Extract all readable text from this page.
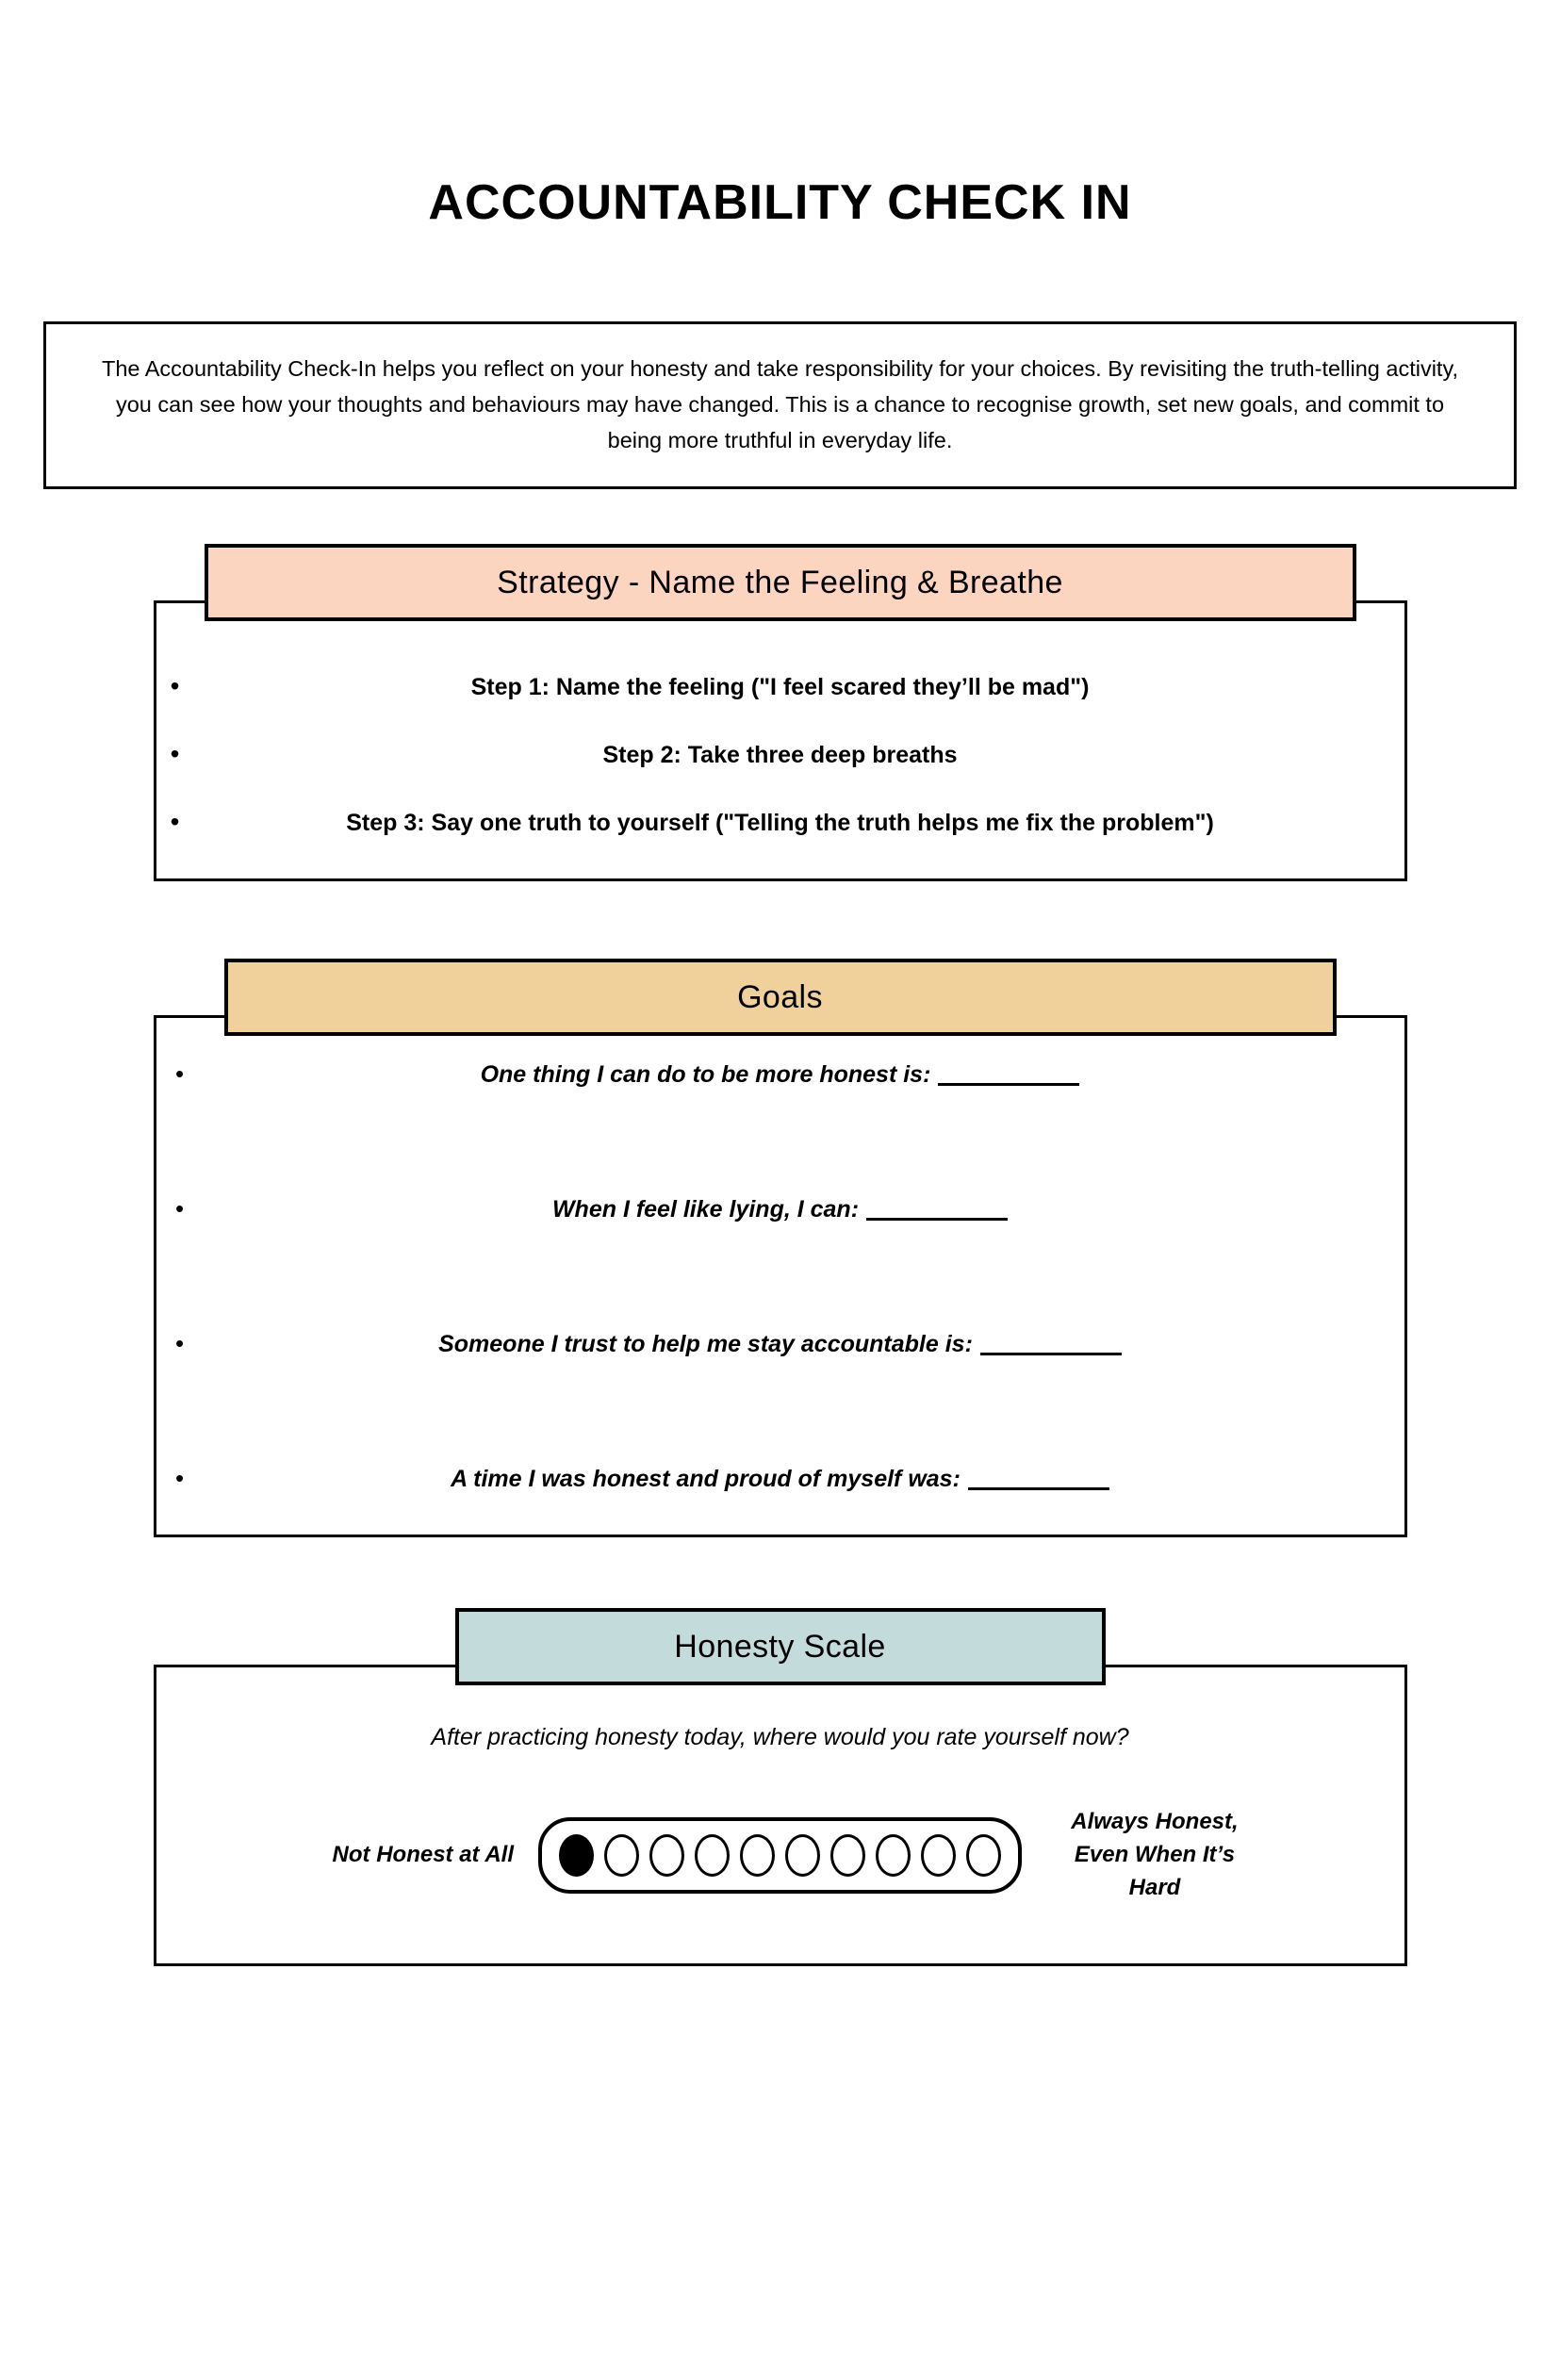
ACCOUNTABILITY CHECK IN

The Accountability Check-In helps you reflect on your honesty and take responsibility for your choices. By revisiting the truth-telling activity, you can see how your thoughts and behaviours may have changed. This is a chance to recognise growth, set new goals, and commit to being more truthful in everyday life.

Strategy - Name the Feeling & Breathe
•	Step 1: Name the feeling ("I feel scared they’ll be mad")
•	Step 2: Take three deep breaths
•	Step 3: Say one truth to yourself ("Telling the truth helps me fix the problem")
Goals
•	One thing I can do to be more honest is:
•	When I feel like lying, I can:
•	Someone I trust to help me stay accountable is:
•	A time I was honest and proud of myself was:
Honesty Scale

After practicing honesty today, where would you rate yourself now?

Not Honest at All
Always Honest, Even When It’s Hard
